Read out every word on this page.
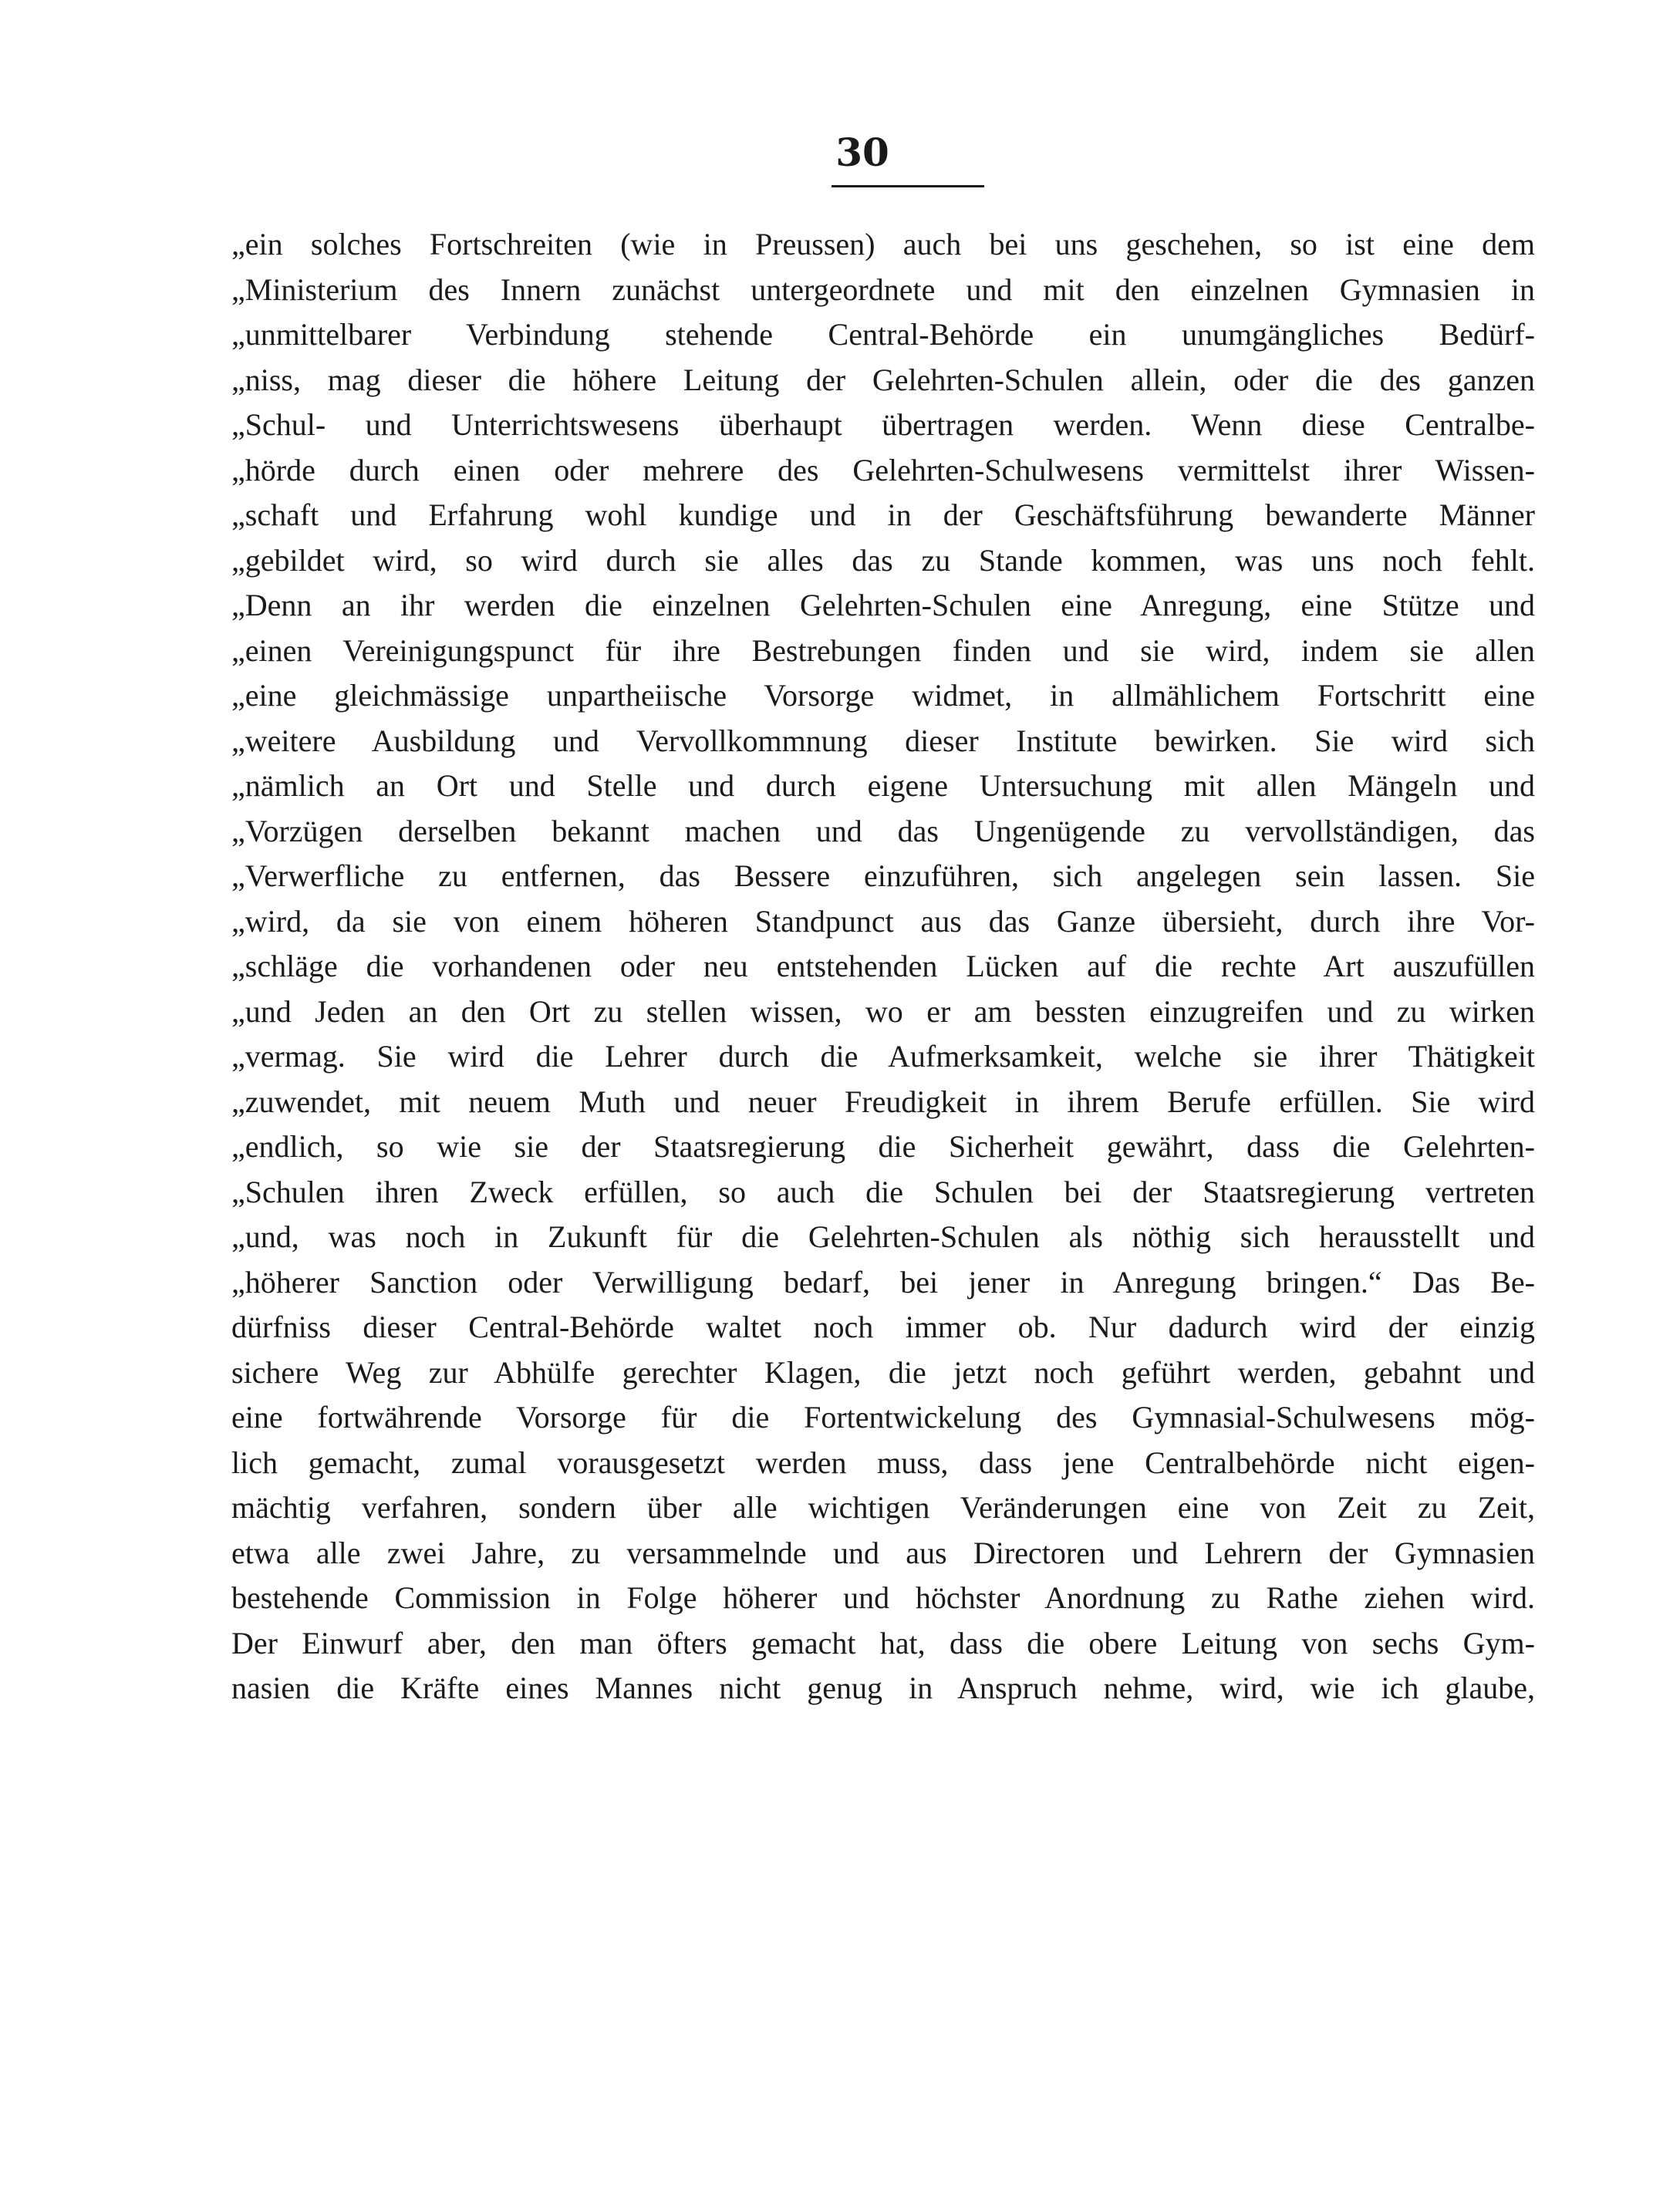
30
„ein solches Fortschreiten (wie in Preussen) auch bei uns geschehen, so ist eine dem
„Ministerium des Innern zunächst untergeordnete und mit den einzelnen Gymnasien in
„unmittelbarer Verbindung stehende Central-Behörde ein unumgängliches Bedürf-
„niss, mag dieser die höhere Leitung der Gelehrten-Schulen allein, oder die des ganzen
„Schul- und Unterrichtswesens überhaupt übertragen werden. Wenn diese Centralbe-
„hörde durch einen oder mehrere des Gelehrten-Schulwesens vermittelst ihrer Wissen-
„schaft und Erfahrung wohl kundige und in der Geschäftsführung bewanderte Männer
„gebildet wird, so wird durch sie alles das zu Stande kommen, was uns noch fehlt.
„Denn an ihr werden die einzelnen Gelehrten-Schulen eine Anregung, eine Stütze und
„einen Vereinigungspunct für ihre Bestrebungen finden und sie wird, indem sie allen
„eine gleichmässige unpartheiische Vorsorge widmet, in allmählichem Fortschritt eine
„weitere Ausbildung und Vervollkommnung dieser Institute bewirken. Sie wird sich
„nämlich an Ort und Stelle und durch eigene Untersuchung mit allen Mängeln und
„Vorzügen derselben bekannt machen und das Ungenügende zu vervollständigen, das
„Verwerfliche zu entfernen, das Bessere einzuführen, sich angelegen sein lassen. Sie
„wird, da sie von einem höheren Standpunct aus das Ganze übersieht, durch ihre Vor-
„schläge die vorhandenen oder neu entstehenden Lücken auf die rechte Art auszufüllen
„und Jeden an den Ort zu stellen wissen, wo er am bessten einzugreifen und zu wirken
„vermag. Sie wird die Lehrer durch die Aufmerksamkeit, welche sie ihrer Thätigkeit
„zuwendet, mit neuem Muth und neuer Freudigkeit in ihrem Berufe erfüllen. Sie wird
„endlich, so wie sie der Staatsregierung die Sicherheit gewährt, dass die Gelehrten-
„Schulen ihren Zweck erfüllen, so auch die Schulen bei der Staatsregierung vertreten
„und, was noch in Zukunft für die Gelehrten-Schulen als nöthig sich herausstellt und
„höherer Sanction oder Verwilligung bedarf, bei jener in Anregung bringen.“ Das Be-
dürfniss dieser Central-Behörde waltet noch immer ob. Nur dadurch wird der einzig
sichere Weg zur Abhülfe gerechter Klagen, die jetzt noch geführt werden, gebahnt und
eine fortwährende Vorsorge für die Fortentwickelung des Gymnasial-Schulwesens mög-
lich gemacht, zumal vorausgesetzt werden muss, dass jene Centralbehörde nicht eigen-
mächtig verfahren, sondern über alle wichtigen Veränderungen eine von Zeit zu Zeit,
etwa alle zwei Jahre, zu versammelnde und aus Directoren und Lehrern der Gymnasien
bestehende Commission in Folge höherer und höchster Anordnung zu Rathe ziehen wird.
Der Einwurf aber, den man öfters gemacht hat, dass die obere Leitung von sechs Gym-
nasien die Kräfte eines Mannes nicht genug in Anspruch nehme, wird, wie ich glaube,
